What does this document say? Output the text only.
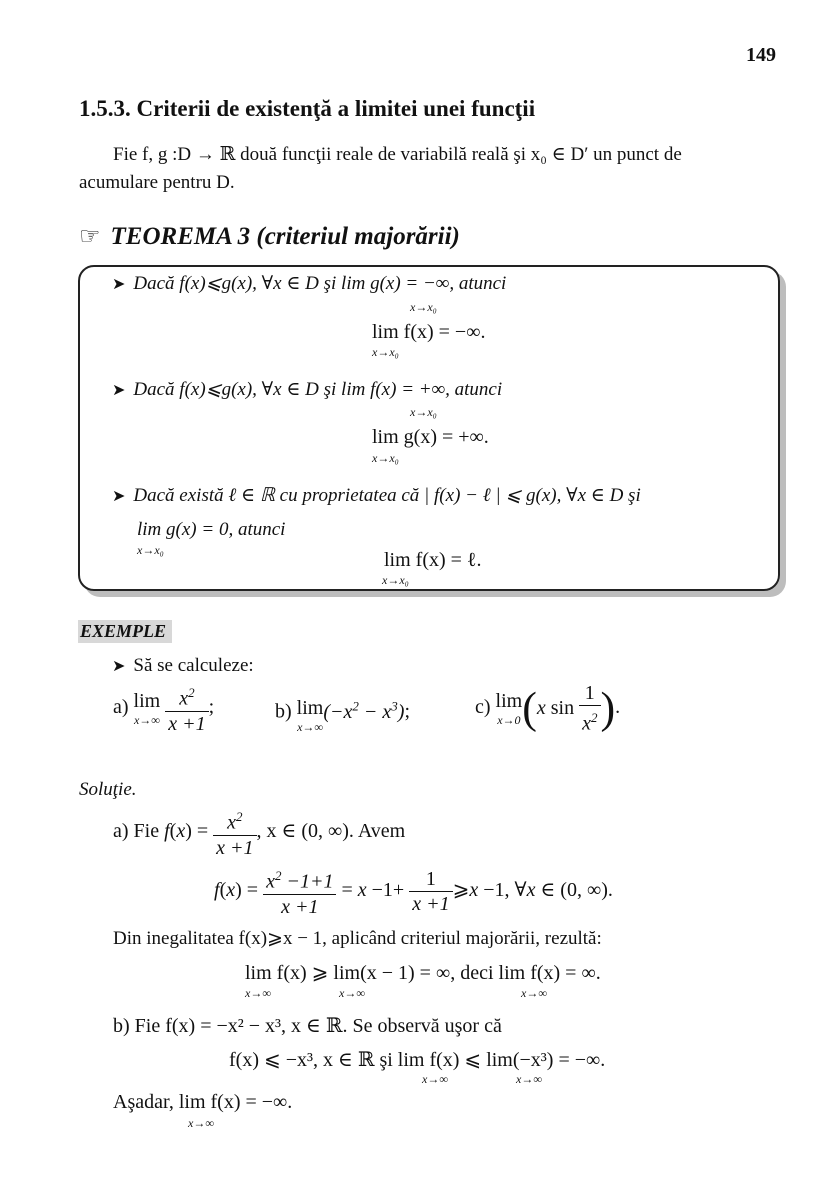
149
1.5.3. Criterii de existenţă a limitei unei funcţii
Fie f, g :D → ℝ două funcţii reale de variabilă reală şi x₀ ∈ D′ un punct de
acumulare pentru D.
☞ TEOREMA 3 (criteriul majorării)
➤ Dacă f(x)⩽g(x), ∀x ∈ D şi lim g(x) = −∞, atunci
x→x₀
lim f(x) = −∞.
x→x₀
➤ Dacă f(x)⩽g(x), ∀x ∈ D şi lim f(x) = +∞, atunci
x→x₀
lim g(x) = +∞.
x→x₀
➤ Dacă există ℓ ∈ ℝ cu proprietatea că | f(x) − ℓ | ⩽ g(x), ∀x ∈ D şi
lim g(x) = 0, atunci
x→x₀	lim f(x) = ℓ.
x→x₀
EXEMPLE
➤ Să se calculeze:
a) lim
x→∞
$\frac{x^2}{x +1}$ ;	b) lim
x→∞
$(-x^2 - x^3)$;	c) lim
x→0 (x $\sin \frac{1}{x^2}$ ).
Soluţie.
a) Fie $f(x) = \frac{x^2}{x +1}$ , x ∈ (0, ∞). Avem
$f(x) = \frac{x^2 -1+1}{x +1} = x -1+ \frac{1}{x +1}$ ⩾x −1, ∀x ∈ (0, ∞).
Din inegalitatea f(x)⩾x − 1, aplicând criteriul majorării, rezultă:
lim f(x) ⩾ lim(x − 1) = ∞, deci lim f(x) = ∞.
x→∞	x→∞	x→∞
b) Fie f(x) = −x² − x³, x ∈ ℝ. Se observă uşor că
f(x) ⩽ −x³, x ∈ ℝ şi lim f(x) ⩽ lim(−x³) = −∞.
x→∞	x→∞
Aşadar, lim f(x) = −∞.
x→∞
